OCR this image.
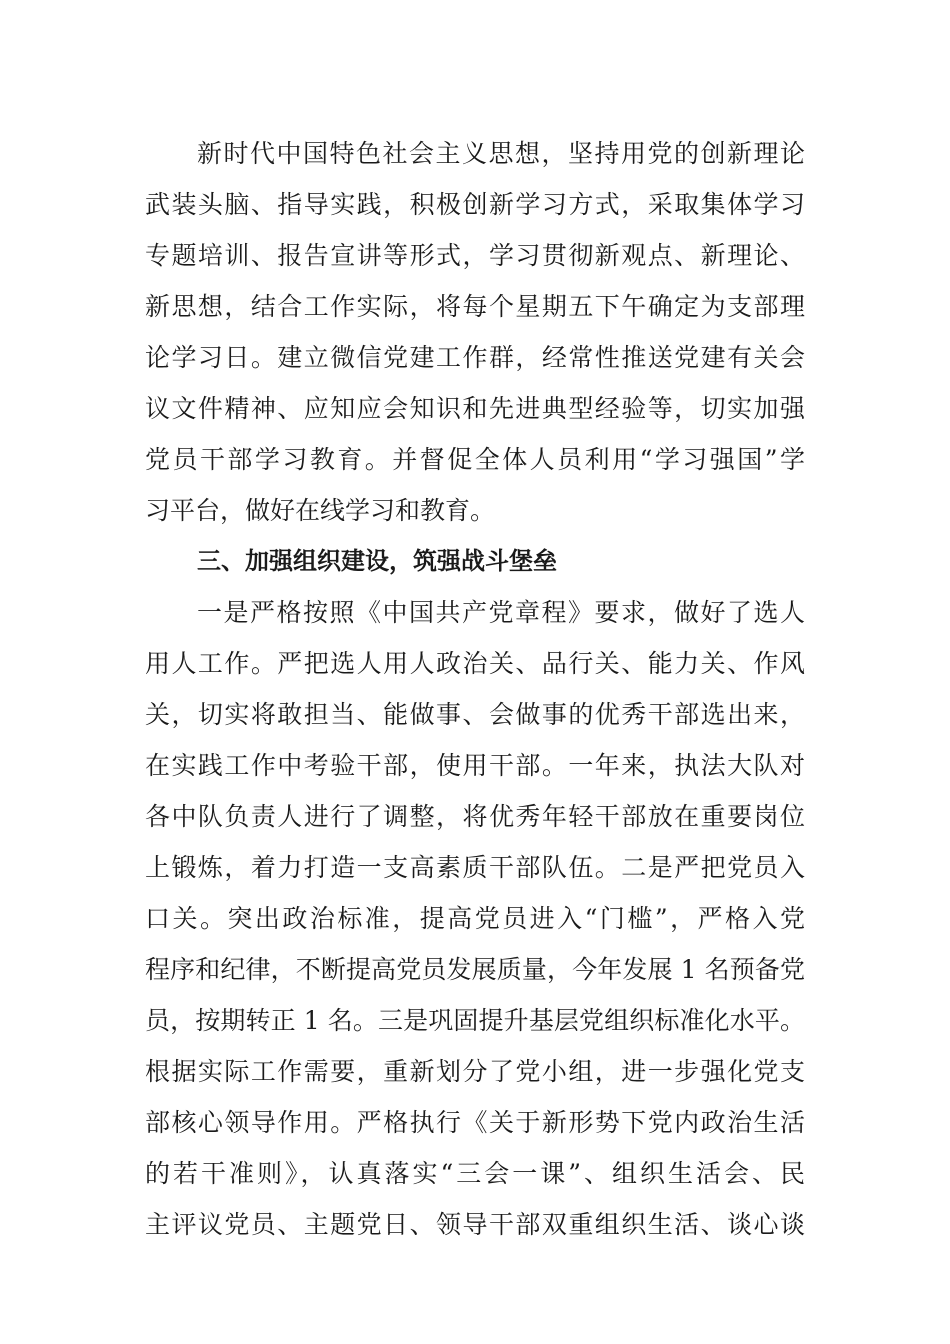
新时代中国特色社会主义思想，坚持用党的创新理论
武装头脑、指导实践，积极创新学习方式，采取集体学习
专题培训、报告宣讲等形式，学习贯彻新观点、新理论、
新思想，结合工作实际，将每个星期五下午确定为支部理
论学习日。建立微信党建工作群，经常性推送党建有关会
议文件精神、应知应会知识和先进典型经验等，切实加强
党员干部学习教育。并督促全体人员利用“学习强国”学
习平台，做好在线学习和教育。
三、加强组织建设，筑强战斗堡垒
一是严格按照《中国共产党章程》要求，做好了选人
用人工作。严把选人用人政治关、品行关、能力关、作风
关，切实将敢担当、能做事、会做事的优秀干部选出来，
在实践工作中考验干部，使用干部。一年来，执法大队对
各中队负责人进行了调整，将优秀年轻干部放在重要岗位
上锻炼，着力打造一支高素质干部队伍。二是严把党员入
口关。突出政治标准，提高党员进入“门槛”，严格入党
程序和纪律，不断提高党员发展质量，今年发展 1 名预备党
员，按期转正 1 名。三是巩固提升基层党组织标准化水平。
根据实际工作需要，重新划分了党小组，进一步强化党支
部核心领导作用。严格执行《关于新形势下党内政治生活
的若干准则》，认真落实“三会一课”、组织生活会、民
主评议党员、主题党日、领导干部双重组织生活、谈心谈
